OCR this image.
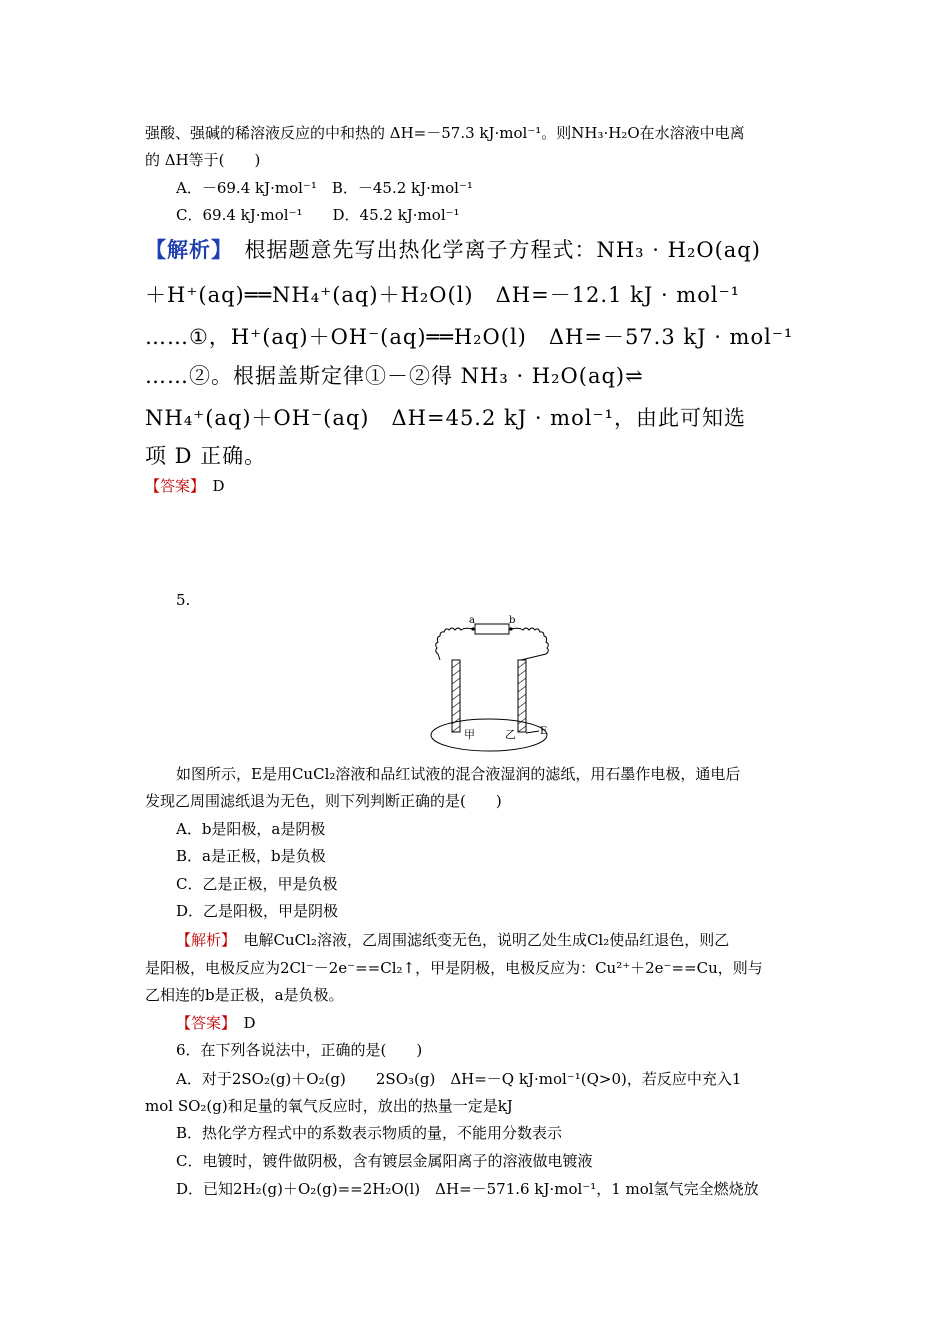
强酸、强碱的稀溶液反应的中和热的 ΔH=－57.3 kJ·mol⁻¹。则NH₃·H₂O在水溶液中电离
的 ΔH等于(　　)
A．－69.4 kJ·mol⁻¹　B．－45.2 kJ·mol⁻¹
C．69.4 kJ·mol⁻¹　　D．45.2 kJ·mol⁻¹
【解析】　根据题意先写出热化学离子方程式：NH₃ · H₂O(aq)
＋H⁺(aq)══NH₄⁺(aq)＋H₂O(l)　ΔH=－12.1 kJ · mol⁻¹
……①，H⁺(aq)＋OH⁻(aq)══H₂O(l)　ΔH=－57.3 kJ · mol⁻¹
……②。根据盖斯定律①－②得 NH₃ · H₂O(aq)⇌
NH₄⁺(aq)＋OH⁻(aq)　ΔH=45.2 kJ · mol⁻¹，由此可知选
项 D 正确。
【答案】　D
5.
a	b
甲	乙 E
如图所示，E是用CuCl₂溶液和品红试液的混合液湿润的滤纸，用石墨作电极，通电后
发现乙周围滤纸退为无色，则下列判断正确的是(　　)
A．b是阳极，a是阴极
B．a是正极，b是负极
C．乙是正极，甲是负极
D．乙是阳极，甲是阴极
【解析】　电解CuCl₂溶液，乙周围滤纸变无色，说明乙处生成Cl₂使品红退色，则乙
是阳极，电极反应为2Cl⁻－2e⁻==Cl₂↑，甲是阴极，电极反应为：Cu²⁺＋2e⁻==Cu，则与
乙相连的b是正极，a是负极。
【答案】　D
6．在下列各说法中，正确的是(　　)
A．对于2SO₂(g)＋O₂(g)　　2SO₃(g)　ΔH=－Q kJ·mol⁻¹(Q>0)，若反应中充入1
mol SO₂(g)和足量的氧气反应时，放出的热量一定是kJ
B．热化学方程式中的系数表示物质的量，不能用分数表示
C．电镀时，镀件做阴极，含有镀层金属阳离子的溶液做电镀液
D．已知2H₂(g)＋O₂(g)==2H₂O(l)　ΔH=－571.6 kJ·mol⁻¹，1 mol氢气完全燃烧放
